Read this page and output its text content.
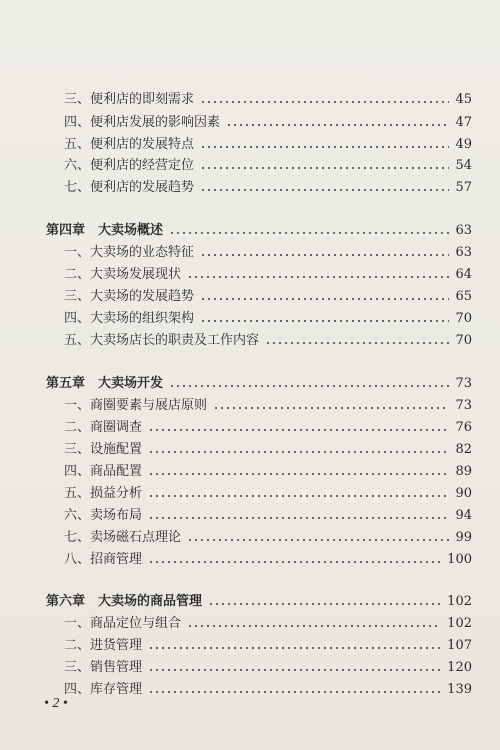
三、便利店的即刻需求	45
四、便利店发展的影响因素	47
五、便利店的发展特点	49
六、便利店的经营定位	54
七、便利店的发展趋势	57
第四章　大卖场概述	63
一、大卖场的业态特征	63
二、大卖场发展现状	64
三、大卖场的发展趋势	65
四、大卖场的组织架构	70
五、大卖场店长的职责及工作内容	70
第五章　大卖场开发	73
一、商圈要素与展店原则	73
二、商圈调查	76
三、设施配置	82
四、商品配置	89
五、损益分析	90
六、卖场布局	94
七、卖场磁石点理论	99
八、招商管理	100
第六章　大卖场的商品管理	102
一、商品定位与组合	102
二、进货管理	107
三、销售管理	120
四、库存管理	139
• 2 •
